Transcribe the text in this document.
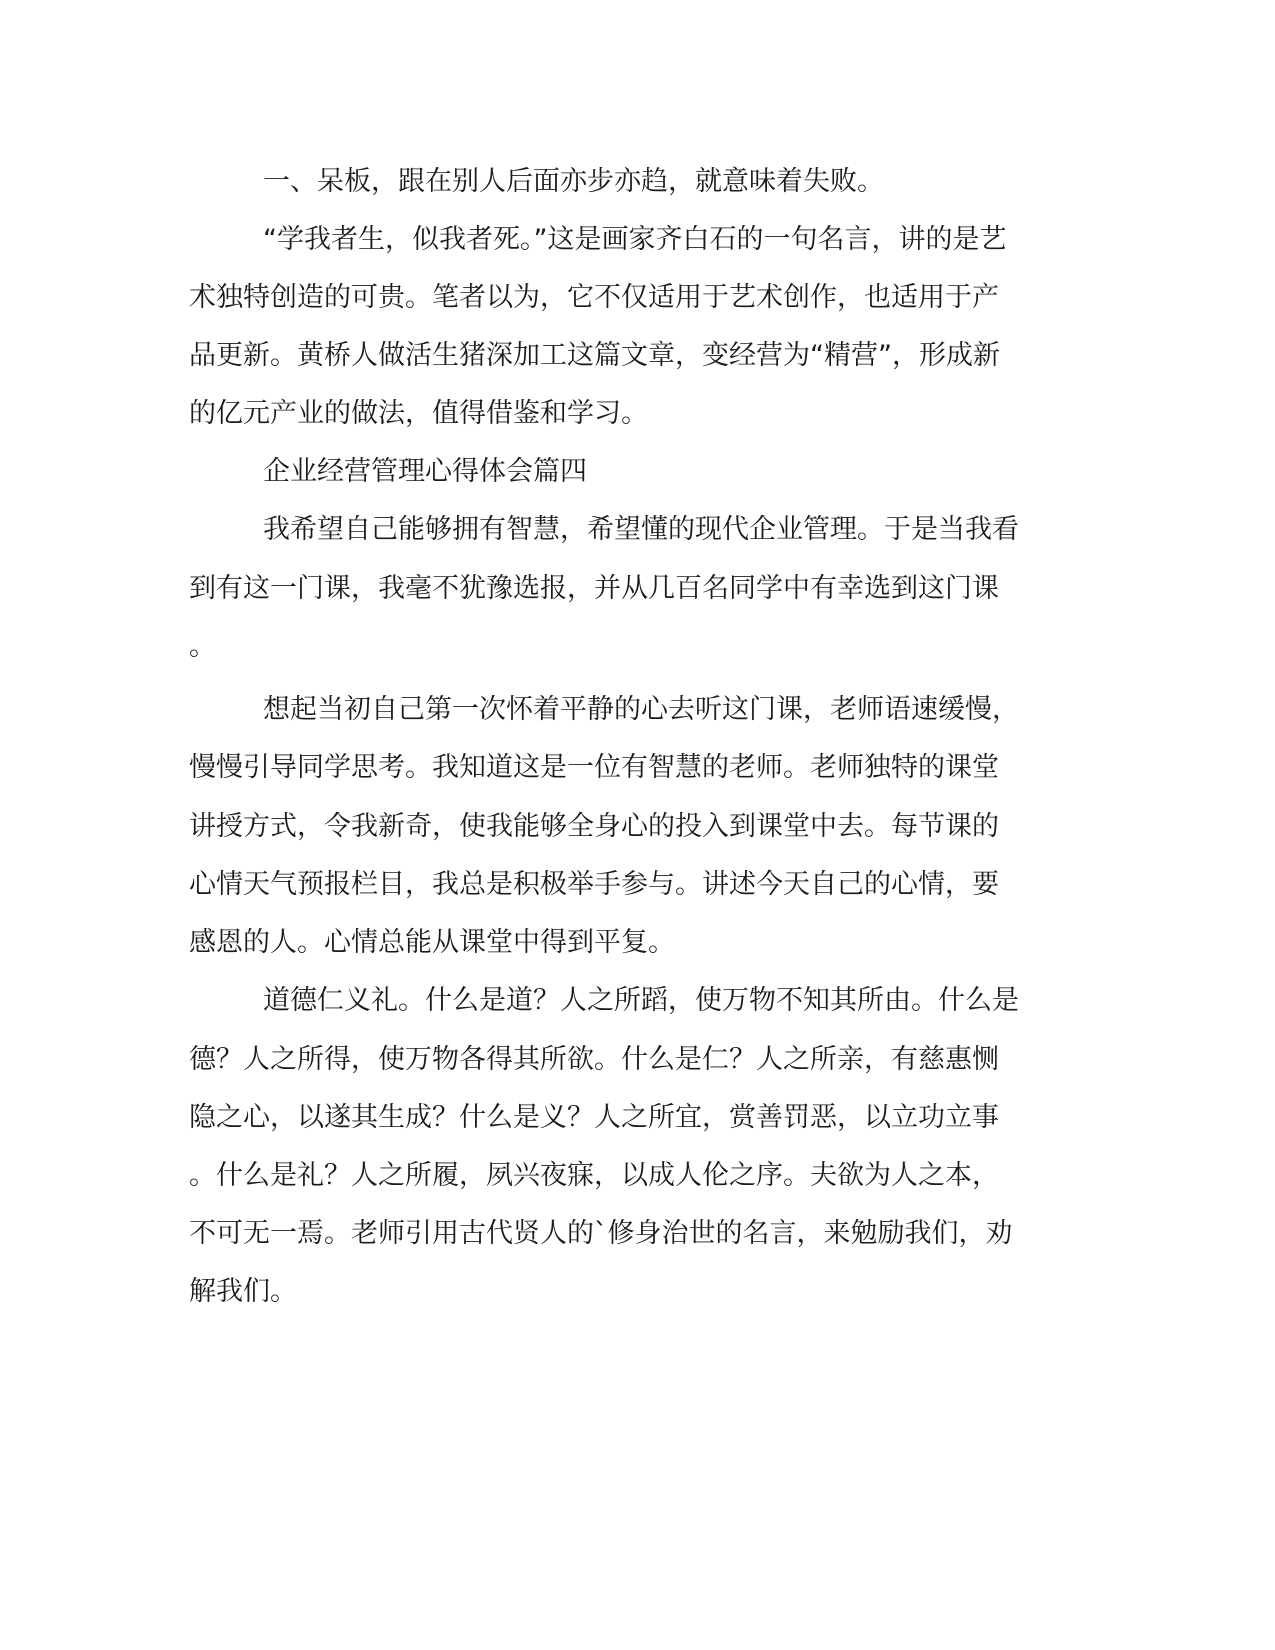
一、呆板，跟在别人后面亦步亦趋，就意味着失败。

“学我者生，似我者死。”这是画家齐白石的一句名言，讲的是艺

术独特创造的可贵。笔者以为，它不仅适用于艺术创作，也适用于产

品更新。黄桥人做活生猪深加工这篇文章，变经营为“精营”，形成新

的亿元产业的做法，值得借鉴和学习。

企业经营管理心得体会篇四

我希望自己能够拥有智慧，希望懂的现代企业管理。于是当我看

到有这一门课，我毫不犹豫选报，并从几百名同学中有幸选到这门课

。

想起当初自己第一次怀着平静的心去听这门课，老师语速缓慢，

慢慢引导同学思考。我知道这是一位有智慧的老师。老师独特的课堂

讲授方式，令我新奇，使我能够全身心的投入到课堂中去。每节课的

心情天气预报栏目，我总是积极举手参与。讲述今天自己的心情，要

感恩的人。心情总能从课堂中得到平复。

道德仁义礼。什么是道？人之所蹈，使万物不知其所由。什么是

德？人之所得，使万物各得其所欲。什么是仁？人之所亲，有慈惠恻

隐之心，以遂其生成？什么是义？人之所宜，赏善罚恶，以立功立事

。什么是礼？人之所履，夙兴夜寐，以成人伦之序。夫欲为人之本，

不可无一焉。老师引用古代贤人的`修身治世的名言，来勉励我们，劝

解我们。
